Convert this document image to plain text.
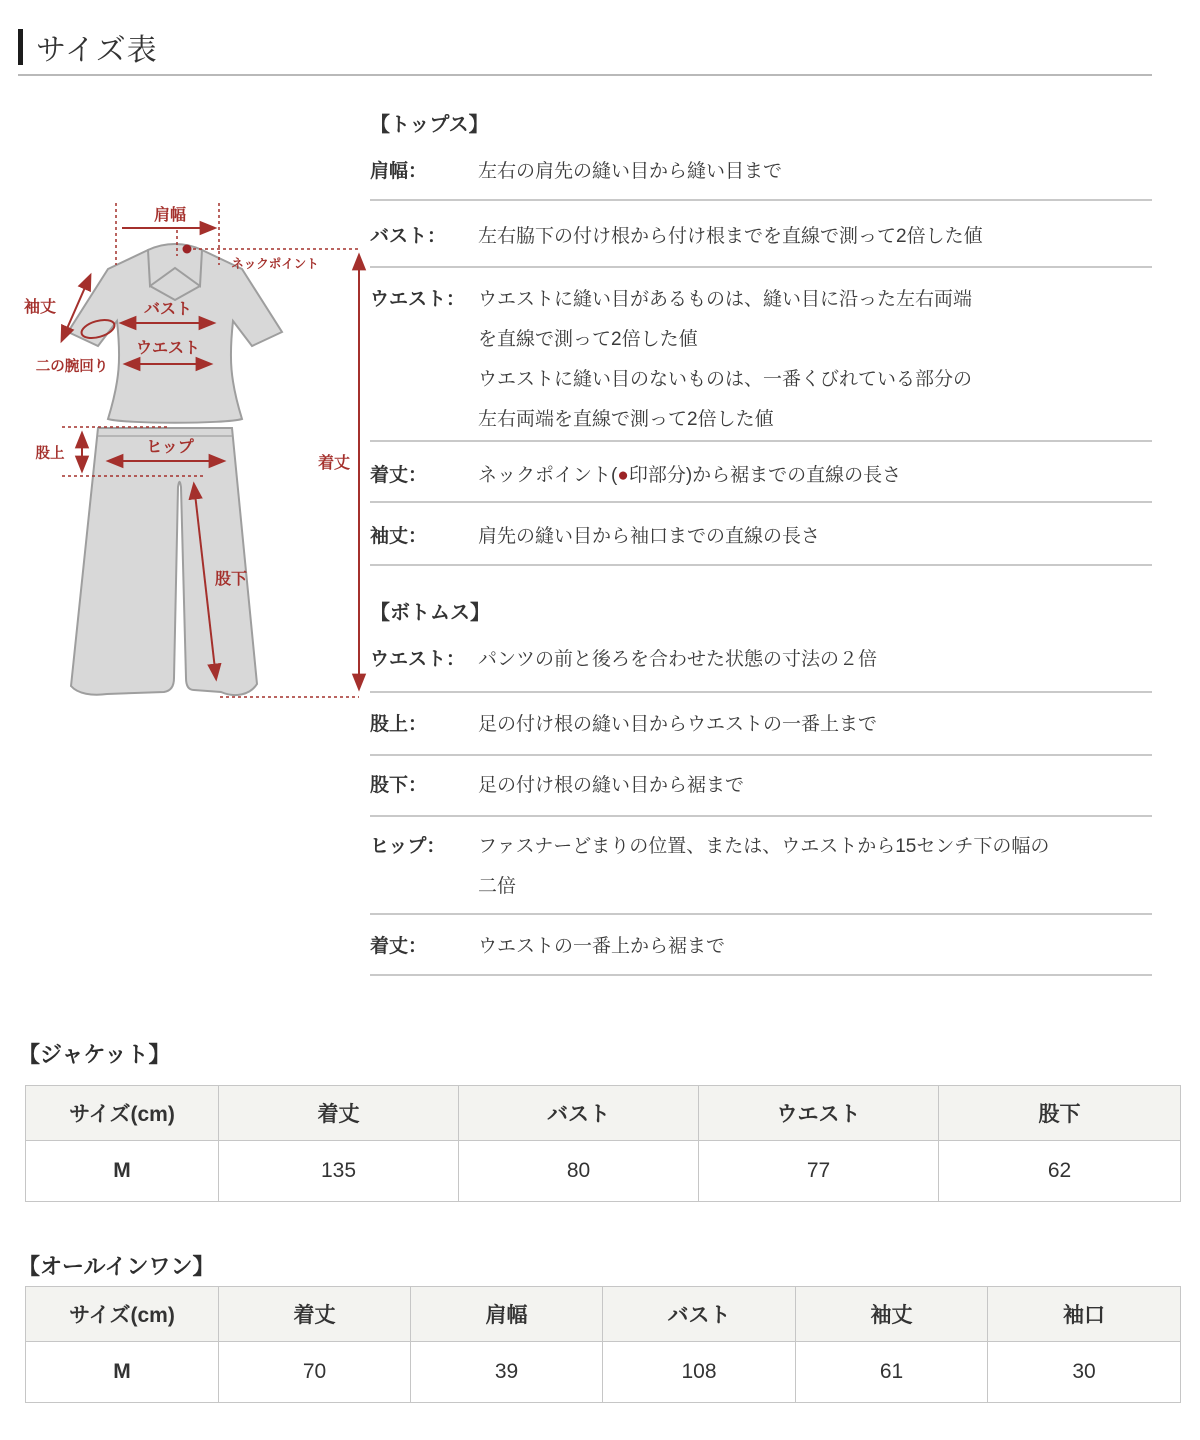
サイズ表
肩幅
ネックポイント
袖丈	バスト
ウエスト
二の腕回り
股上	ヒップ
股下
着丈
【トップス】
肩幅：	左右の肩先の縫い目から縫い目まで
バスト：	左右脇下の付け根から付け根までを直線で測って2倍した値
ウエスト： ウエストに縫い目があるものは、縫い目に沿った左右両端
を直線で測って2倍した値
ウエストに縫い目のないものは、一番くびれている部分の
左右両端を直線で測って2倍した値
着丈：	ネックポイント(●印部分)から裾までの直線の長さ
袖丈：	肩先の縫い目から袖口までの直線の長さ
【ボトムス】
ウエスト： パンツの前と後ろを合わせた状態の寸法の２倍
股上：	足の付け根の縫い目からウエストの一番上まで
股下：	足の付け根の縫い目から裾まで
ヒップ：	ファスナーどまりの位置、または、ウエストから15センチ下の幅の
二倍
着丈：	ウエストの一番上から裾まで
【ジャケット】
サイズ(cm)	着丈	バスト	ウエスト	股下
M	135	80	77	62
【オールインワン】
サイズ(cm)	着丈	肩幅	バスト	袖丈	袖口
M	70	39	108	61	30
